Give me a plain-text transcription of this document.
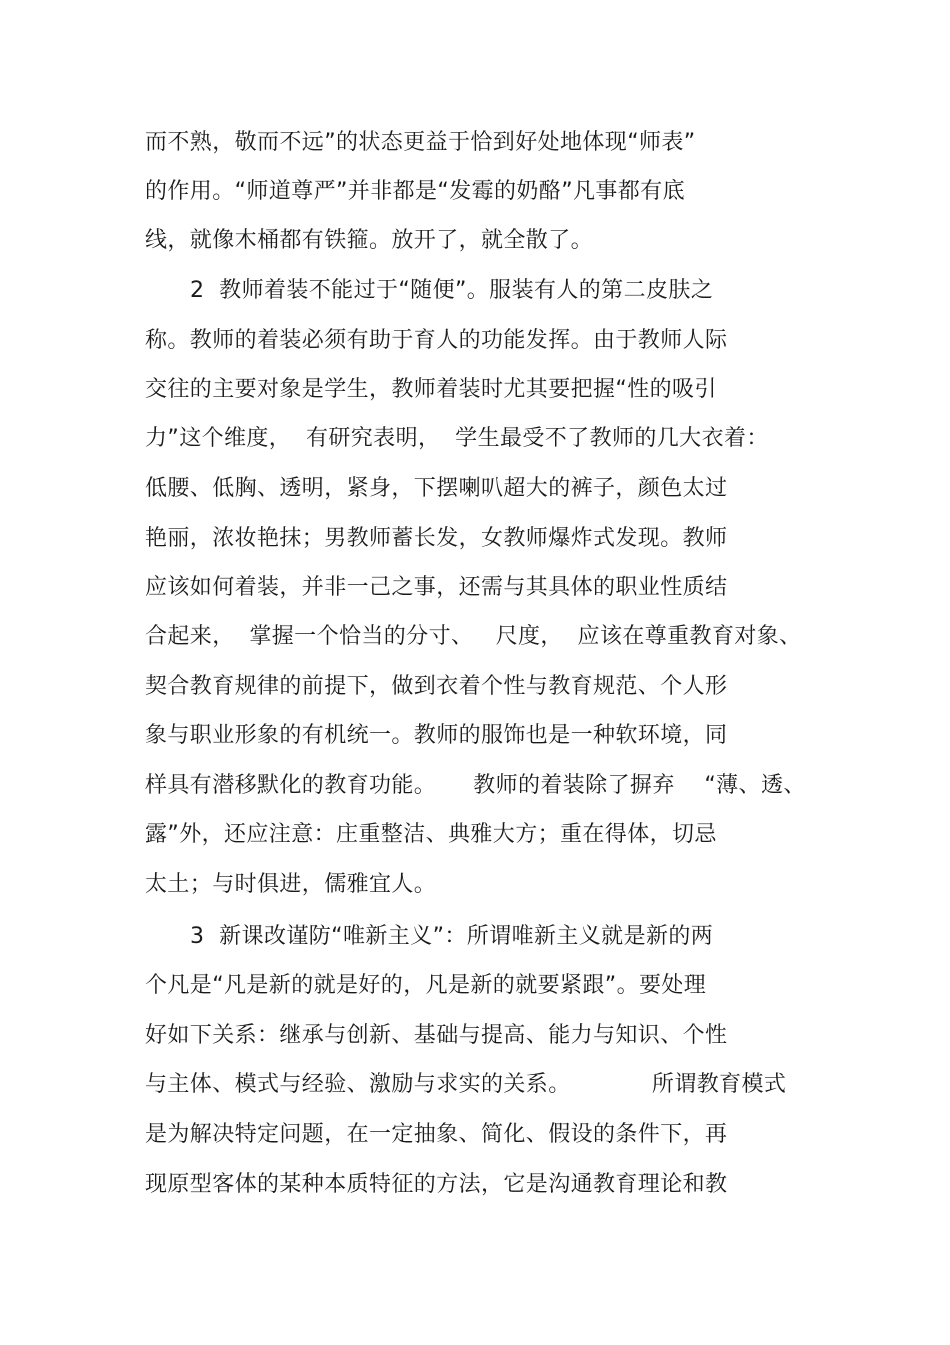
而不熟，敬而不远”的状态更益于恰到好处地体现“师表”
的作用。“师道尊严”并非都是“发霉的奶酪”凡事都有底
线，就像木桶都有铁箍。放开了，就全散了。
2  教师着装不能过于“随便”。服装有人的第二皮肤之
称。教师的着装必须有助于育人的功能发挥。由于教师人际
交往的主要对象是学生，教师着装时尤其要把握“性的吸引
力”这个维度，  有研究表明，  学生最受不了教师的几大衣着：
低腰、低胸、透明，紧身，下摆喇叭超大的裤子，颜色太过
艳丽，浓妆艳抹；男教师蓄长发，女教师爆炸式发现。教师
应该如何着装，并非一己之事，还需与其具体的职业性质结
合起来，  掌握一个恰当的分寸、   尺度，  应该在尊重教育对象、
契合教育规律的前提下，做到衣着个性与教育规范、个人形
象与职业形象的有机统一。教师的服饰也是一种软环境，同
样具有潜移默化的教育功能。     教师的着装除了摒弃    “薄、透、
露”外，还应注意：庄重整洁、典雅大方；重在得体，切忌
太土；与时俱进，儒雅宜人。
3  新课改谨防“唯新主义”：所谓唯新主义就是新的两
个凡是“凡是新的就是好的，凡是新的就要紧跟”。要处理
好如下关系：继承与创新、基础与提高、能力与知识、个性
与主体、模式与经验、激励与求实的关系。           所谓教育模式
是为解决特定问题，在一定抽象、简化、假设的条件下，再
现原型客体的某种本质特征的方法，它是沟通教育理论和教
